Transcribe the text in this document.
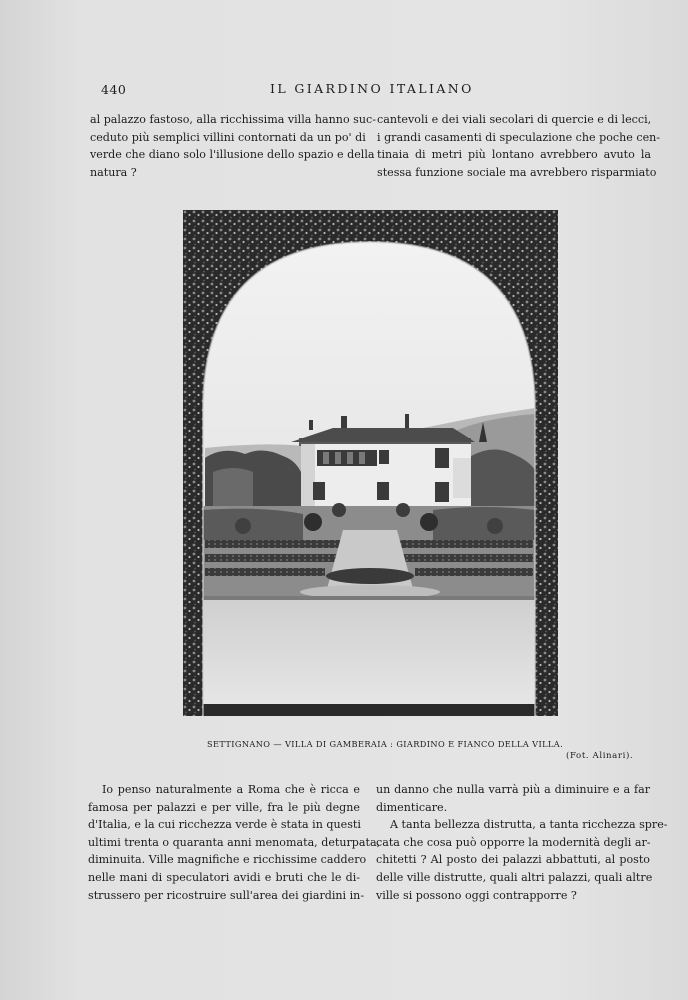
440	IL GIARDINO ITALIANO
al palazzo fastoso, alla ricchissima villa hanno suc-
ceduto più semplici villini contornati da un po' di
verde che diano solo l'illusione dello spazio e della
natura ?
cantevoli e dei viali secolari di quercie e di lecci,
i grandi casamenti di speculazione che poche cen-
tinaia di metri più lontano avrebbero avuto la
stessa funzione sociale ma avrebbero risparmiato
SETTIGNANO — VILLA DI GAMBERAIA : GIARDINO E FIANCO DELLA VILLA.
(Fot. Alinari).
Io penso naturalmente a Roma che è ricca e
famosa per palazzi e per ville, fra le più degne
d'Italia, e la cui ricchezza verde è stata in questi
ultimi trenta o quaranta anni menomata, deturpata,
diminuita. Ville magnifiche e ricchissime caddero
nelle mani di speculatori avidi e bruti che le di-
strussero per ricostruire sull'area dei giardini in-
un danno che nulla varrà più a diminuire e a far
dimenticare.
A tanta bellezza distrutta, a tanta ricchezza spre-
cata che cosa può opporre la modernità degli ar-
chitetti ? Al posto dei palazzi abbattuti, al posto
delle ville distrutte, quali altri palazzi, quali altre
ville si possono oggi contrapporre ?
